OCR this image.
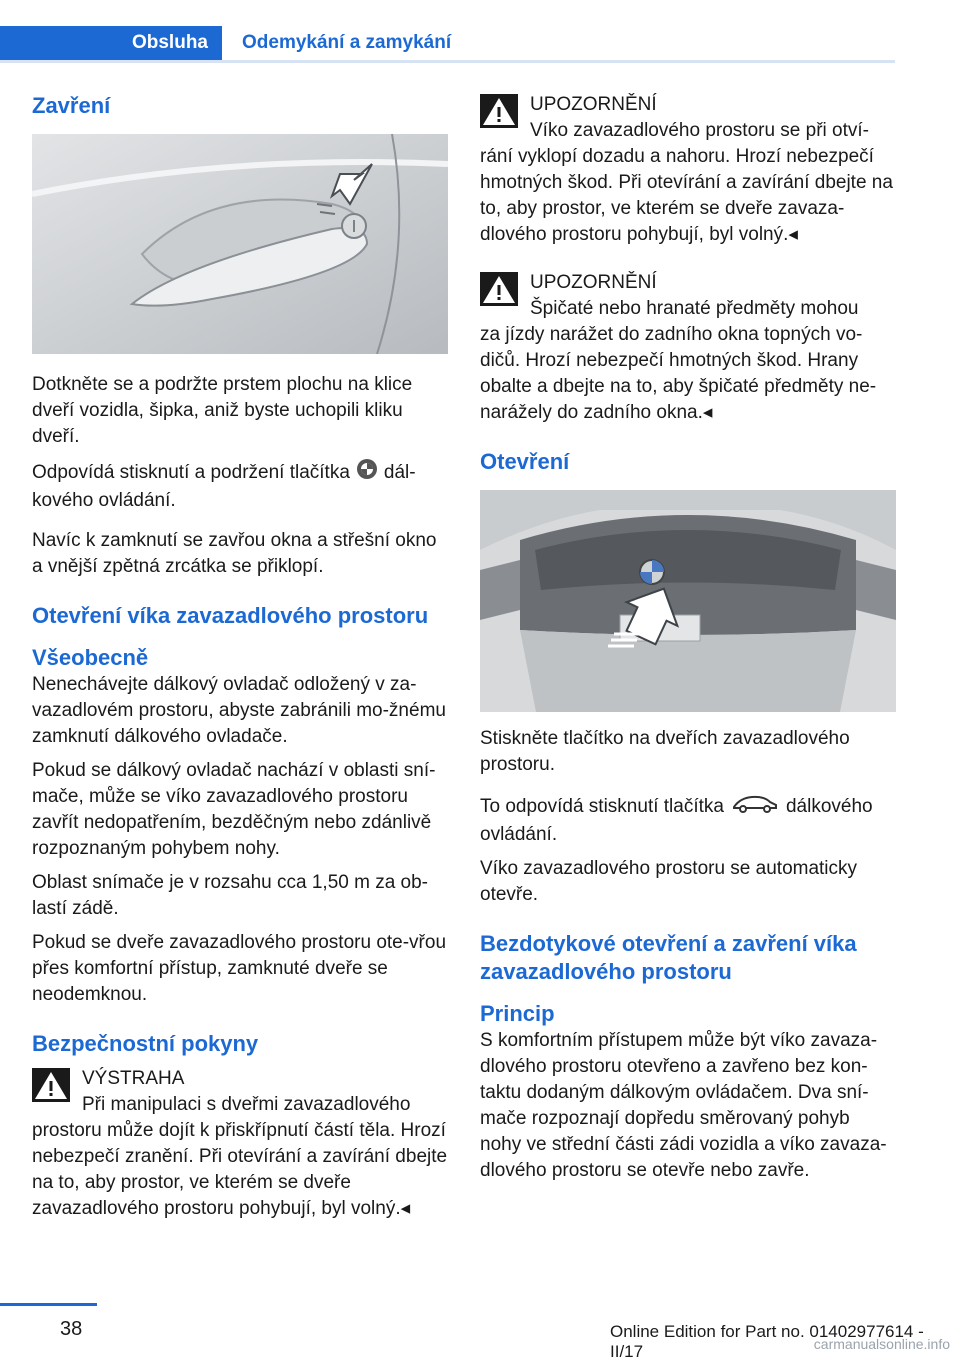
Obsluha	Odemykání a zamykání
Zavření

Dotkněte se a podržte prstem plochu na klice dveří vozidla, šipka, aniž byste uchopili kliku dveří.

Odpovídá stisknutí a podržení tlačítka dál-kového ovládání.

Navíc k zamknutí se zavřou okna a střešní okno a vnější zpětná zrcátka se přiklopí.

Otevření víka zavazadlového prostoru
Všeobecně

Nenechávejte dálkový ovladač odložený v za-vazadlovém prostoru, abyste zabránili mo-žnému zamknutí dálkového ovladače.

Pokud se dálkový ovladač nachází v oblasti sní-mače, může se víko zavazadlového prostoru zavřít nedopatřením, bezděčným nebo zdánlivě rozpoznaným pohybem nohy.

Oblast snímače je v rozsahu cca 1,50 m za ob-lastí zádě.

Pokud se dveře zavazadlového prostoru ote-vřou přes komfortní přístup, zamknuté dveře se neodemknou.

Bezpečnostní pokyny
VÝSTRAHA
Při manipulaci s dveřmi zavazadlového
prostoru může dojít k přiskřípnutí částí těla. Hrozí nebezpečí zranění. Při otevírání a zavírání dbejte na to, aby prostor, ve kterém se dveře zavazadlového prostoru pohybují, byl volný.◂
UPOZORNĚNÍ
Víko zavazadlového prostoru se při otví-
rání vyklopí dozadu a nahoru. Hrozí nebezpečí hmotných škod. Při otevírání a zavírání dbejte na to, aby prostor, ve kterém se dveře zavaza-dlového prostoru pohybují, byl volný.◂
UPOZORNĚNÍ
Špičaté nebo hranaté předměty mohou
za jízdy narážet do zadního okna topných vo-dičů. Hrozí nebezpečí hmotných škod. Hrany obalte a dbejte na to, aby špičaté předměty ne-narážely do zadního okna.◂
Otevření

Stiskněte tlačítko na dveřích zavazadlového prostoru.

To odpovídá stisknutí tlačítka	dálkového ovládání.

Víko zavazadlového prostoru se automaticky otevře.

Bezdotykové otevření a zavření víka zavazadlového prostoru
Princip

S komfortním přístupem může být víko zavaza-dlového prostoru otevřeno a zavřeno bez kon-taktu dodaným dálkovým ovládačem. Dva sní-mače rozpoznají dopředu směrovaný pohyb nohy ve střední části zádi vozidla a víko zavaza-dlového prostoru se otevře nebo zavře.

38	Online Edition for Part no. 01402977614 - II/17	carmanualsonline.info
